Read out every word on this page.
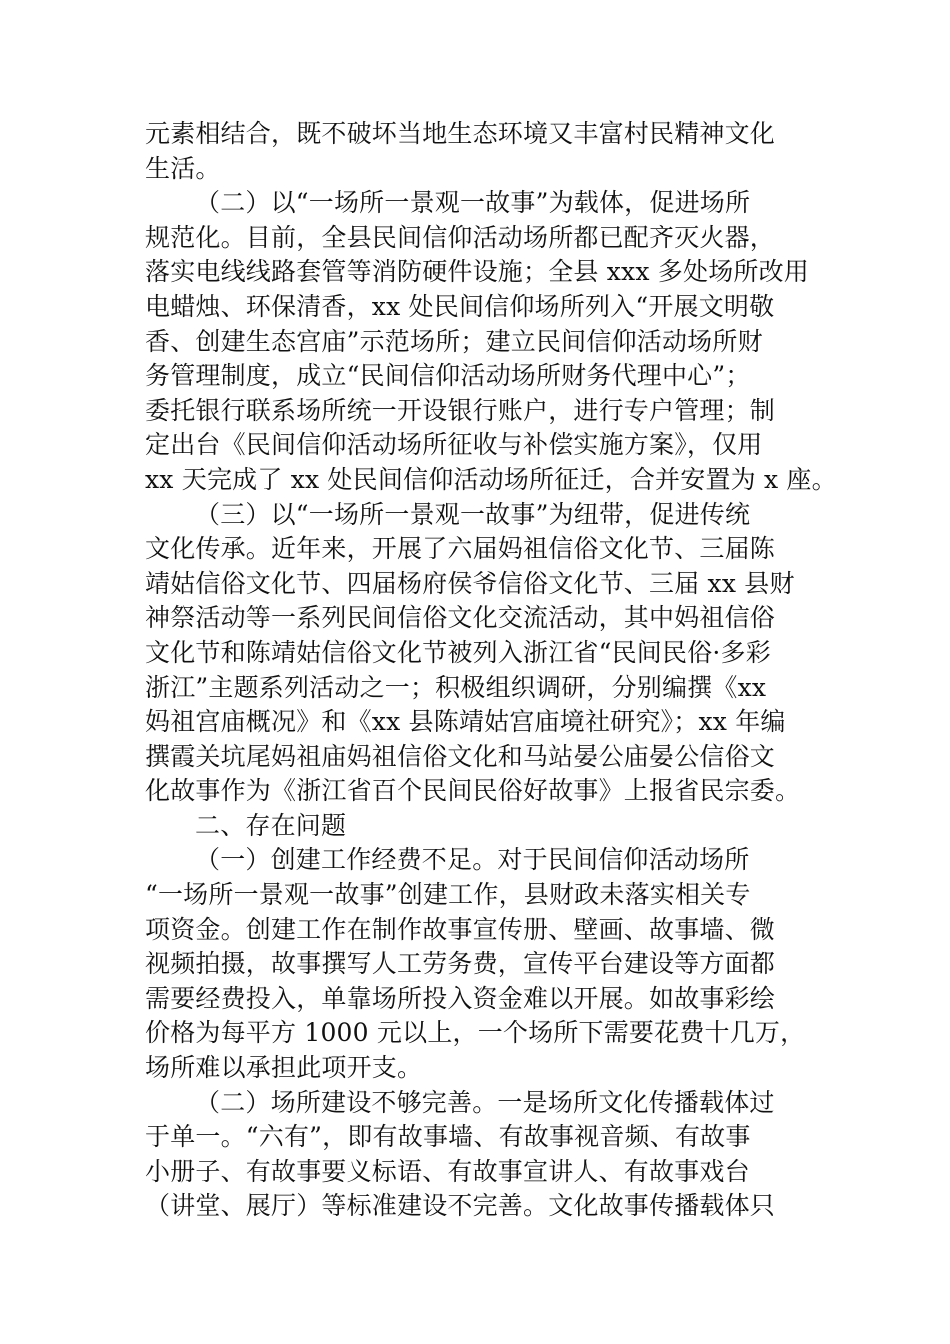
元素相结合，既不破坏当地生态环境又丰富村民精神文化
生活。
（二）以“一场所一景观一故事”为载体，促进场所
规范化。目前，全县民间信仰活动场所都已配齐灭火器，
落实电线线路套管等消防硬件设施；全县 xxx 多处场所改用
电蜡烛、环保清香，xx 处民间信仰场所列入“开展文明敬
香、创建生态宫庙”示范场所；建立民间信仰活动场所财
务管理制度，成立“民间信仰活动场所财务代理中心”；
委托银行联系场所统一开设银行账户，进行专户管理；制
定出台《民间信仰活动场所征收与补偿实施方案》，仅用
xx 天完成了 xx 处民间信仰活动场所征迁，合并安置为 x 座。
（三）以“一场所一景观一故事”为纽带，促进传统
文化传承。近年来，开展了六届妈祖信俗文化节、三届陈
靖姑信俗文化节、四届杨府侯爷信俗文化节、三届 xx 县财
神祭活动等一系列民间信俗文化交流活动，其中妈祖信俗
文化节和陈靖姑信俗文化节被列入浙江省“民间民俗·多彩
浙江”主题系列活动之一；积极组织调研，分别编撰《xx
妈祖宫庙概况》和《xx 县陈靖姑宫庙境社研究》；xx 年编
撰霞关坑尾妈祖庙妈祖信俗文化和马站晏公庙晏公信俗文
化故事作为《浙江省百个民间民俗好故事》上报省民宗委。
二、存在问题
（一）创建工作经费不足。对于民间信仰活动场所
“一场所一景观一故事”创建工作，县财政未落实相关专
项资金。创建工作在制作故事宣传册、壁画、故事墙、微
视频拍摄，故事撰写人工劳务费，宣传平台建设等方面都
需要经费投入，单靠场所投入资金难以开展。如故事彩绘
价格为每平方 1000 元以上，一个场所下需要花费十几万，
场所难以承担此项开支。
（二）场所建设不够完善。一是场所文化传播载体过
于单一。“六有”，即有故事墙、有故事视音频、有故事
小册子、有故事要义标语、有故事宣讲人、有故事戏台
（讲堂、展厅）等标准建设不完善。文化故事传播载体只
